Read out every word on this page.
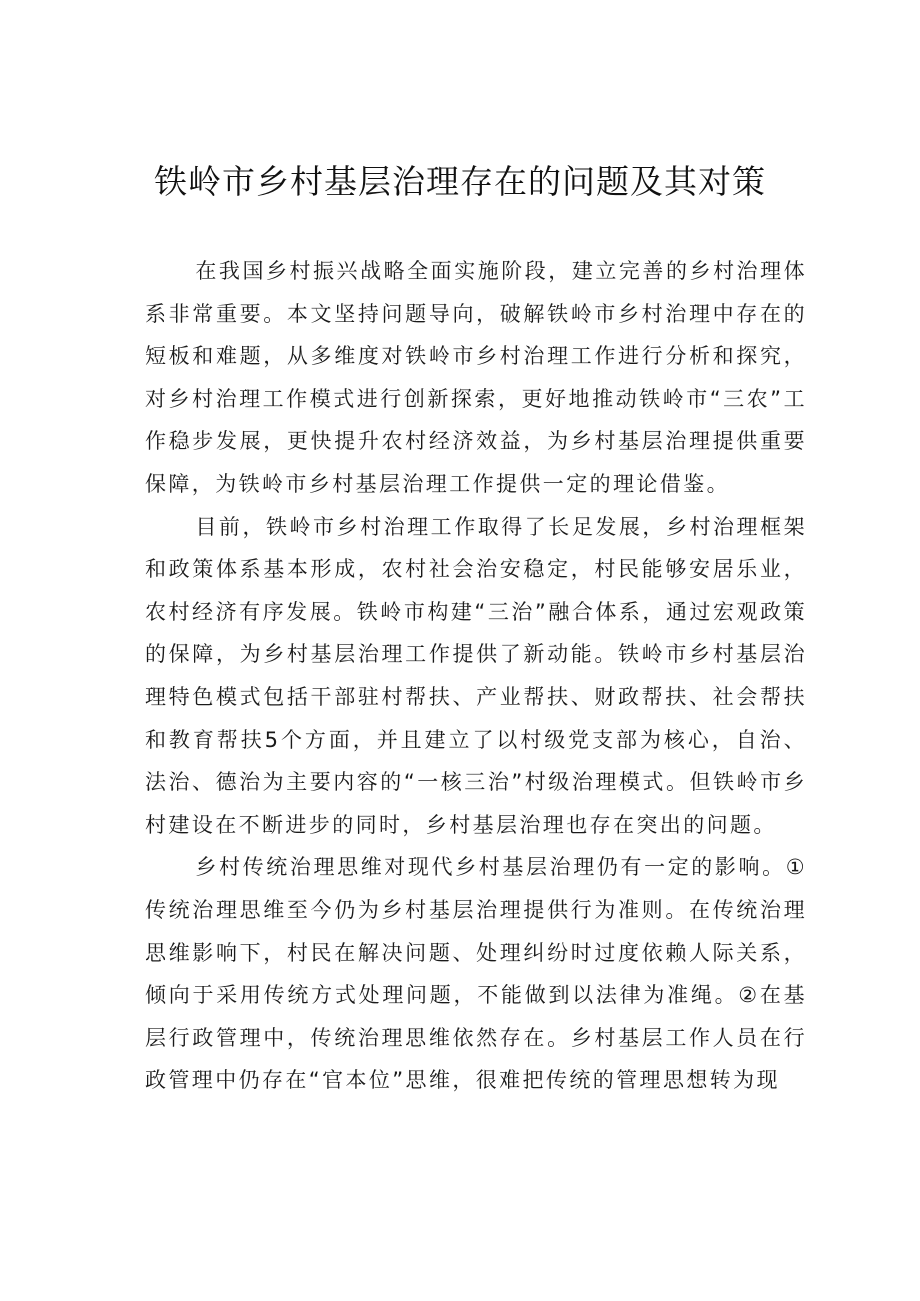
铁岭市乡村基层治理存在的问题及其对策

在我国乡村振兴战略全面实施阶段，建立完善的乡村治理体系非常重要。本文坚持问题导向，破解铁岭市乡村治理中存在的短板和难题，从多维度对铁岭市乡村治理工作进行分析和探究，对乡村治理工作模式进行创新探索，更好地推动铁岭市“三农”工作稳步发展，更快提升农村经济效益，为乡村基层治理提供重要保障，为铁岭市乡村基层治理工作提供一定的理论借鉴。

目前，铁岭市乡村治理工作取得了长足发展，乡村治理框架和政策体系基本形成，农村社会治安稳定，村民能够安居乐业，农村经济有序发展。铁岭市构建“三治”融合体系，通过宏观政策的保障，为乡村基层治理工作提供了新动能。铁岭市乡村基层治理特色模式包括干部驻村帮扶、产业帮扶、财政帮扶、社会帮扶和教育帮扶5个方面，并且建立了以村级党支部为核心，自治、法治、德治为主要内容的“一核三治”村级治理模式。但铁岭市乡村建设在不断进步的同时，乡村基层治理也存在突出的问题。

乡村传统治理思维对现代乡村基层治理仍有一定的影响。①传统治理思维至今仍为乡村基层治理提供行为准则。在传统治理思维影响下，村民在解决问题、处理纠纷时过度依赖人际关系，倾向于采用传统方式处理问题，不能做到以法律为准绳。②在基层行政管理中，传统治理思维依然存在。乡村基层工作人员在行政管理中仍存在“官本位”思维，很难把传统的管理思想转为现
